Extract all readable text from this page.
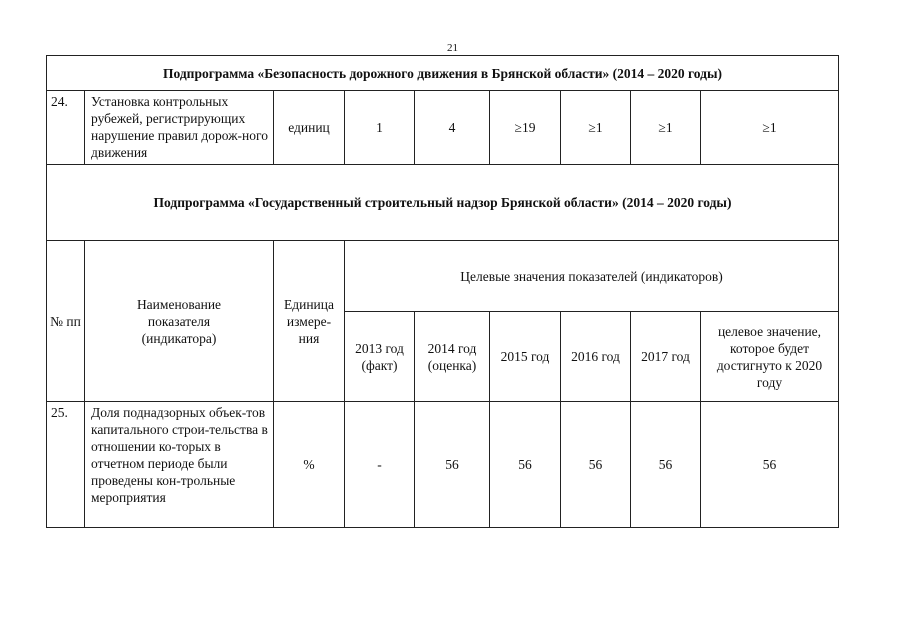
21
Подпрограмма «Безопасность дорожного движения в Брянской области» (2014 – 2020 годы)								
24.	Установка контрольных рубежей, регистрирующих нарушение правил дорож-ного движения	единиц	1	4	≥19	≥1	≥1	≥1
Подпрограмма «Государственный строительный надзор Брянской области» (2014 – 2020 годы)								
№ пп	Наименование показателя (индикатора)	Единица измере-ния	Целевые значения показателей (индикаторов)					
			2013 год (факт)	2014 год (оценка)	2015 год	2016 год	2017 год	целевое значение, которое будет достигнуто к 2020 году
25.	Доля поднадзорных объек-тов капитального строи-тельства в отношении ко-торых в отчетном периоде были проведены кон-трольные мероприятия	%	-	56	56	56	56	56
